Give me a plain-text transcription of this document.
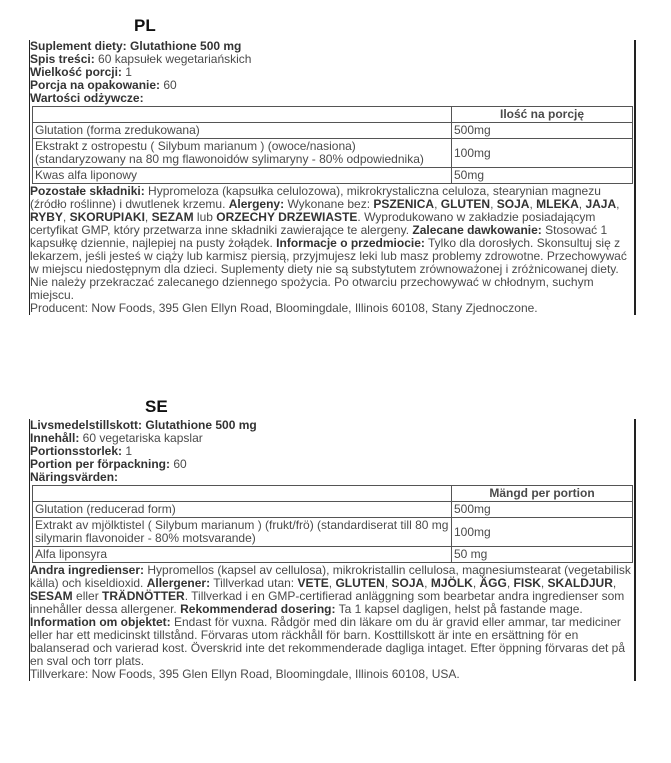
PL
Suplement diety: Glutathione 500 mg
Spis treści: 60 kapsułek wegetariańskich
Wielkość porcji: 1
Porcja na opakowanie: 60
Wartości odżywcze:
	Ilość na porcję
Glutation (forma zredukowana)	500mg
Ekstrakt z ostropestu ( Silybum marianum ) (owoce/nasiona) (standaryzowany na 80 mg flawonoidów sylimaryny - 80% odpowiednika)	100mg
Kwas alfa liponowy	50mg
Pozostałe składniki: Hypromeloza (kapsułka celulozowa), mikrokrystaliczna celuloza, stearynian magnezu (źródło roślinne) i dwutlenek krzemu. Alergeny: Wykonane bez: PSZENICA, GLUTEN, SOJA, MLEKA, JAJA, RYBY, SKORUPIAKI, SEZAM lub ORZECHY DRZEWIASTE. Wyprodukowano w zakładzie posiadającym certyfikat GMP, który przetwarza inne składniki zawierające te alergeny. Zalecane dawkowanie: Stosować 1 kapsułkę dziennie, najlepiej na pusty żołądek. Informacje o przedmiocie: Tylko dla dorosłych. Skonsultuj się z lekarzem, jeśli jesteś w ciąży lub karmisz piersią, przyjmujesz leki lub masz problemy zdrowotne. Przechowywać w miejscu niedostępnym dla dzieci. Suplementy diety nie są substytutem zrównoważonej i zróżnicowanej diety. Nie należy przekraczać zalecanego dziennego spożycia. Po otwarciu przechowywać w chłodnym, suchym miejscu.
Producent: Now Foods, 395 Glen Ellyn Road, Bloomingdale, Illinois 60108, Stany Zjednoczone.
SE
Livsmedelstillskott: Glutathione 500 mg
Innehåll: 60 vegetariska kapslar
Portionsstorlek: 1
Portion per förpackning: 60
Näringsvärden:
	Mängd per portion
Glutation (reducerad form)	500mg
Extrakt av mjölktistel ( Silybum marianum ) (frukt/frö) (standardiserat till 80 mg silymarin flavonoider - 80% motsvarande)	100mg
Alfa liponsyra	50 mg
Andra ingredienser: Hypromellos (kapsel av cellulosa), mikrokristallin cellulosa, magnesiumstearat (vegetabilisk källa) och kiseldioxid. Allergener: Tillverkad utan: VETE, GLUTEN, SOJA, MJÖLK, ÄGG, FISK, SKALDJUR, SESAM eller TRÄDNÖTTER. Tillverkad i en GMP-certifierad anläggning som bearbetar andra ingredienser som innehåller dessa allergener. Rekommenderad dosering: Ta 1 kapsel dagligen, helst på fastande mage. Information om objektet: Endast för vuxna. Rådgör med din läkare om du är gravid eller ammar, tar mediciner eller har ett medicinskt tillstånd. Förvaras utom räckhåll för barn. Kosttillskott är inte en ersättning för en balanserad och varierad kost. Överskrid inte det rekommenderade dagliga intaget. Efter öppning förvaras det på en sval och torr plats.
Tillverkare: Now Foods, 395 Glen Ellyn Road, Bloomingdale, Illinois 60108, USA.
